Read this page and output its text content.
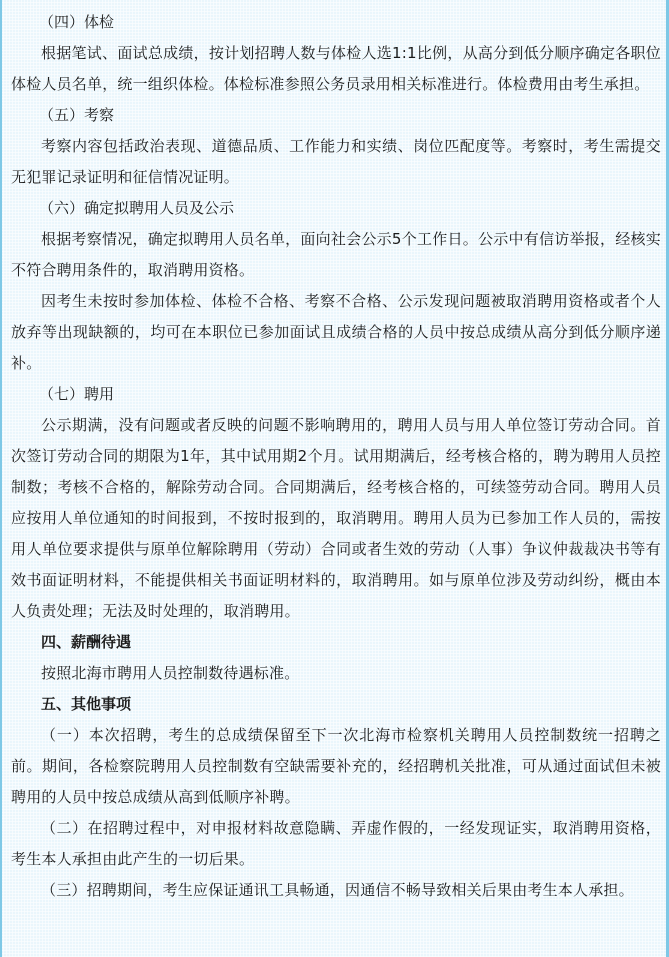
（四）体检

根据笔试、面试总成绩，按计划招聘人数与体检人选1:1比例，从高分到低分顺序确定各职位体检人员名单，统一组织体检。体检标准参照公务员录用相关标准进行。体检费用由考生承担。

（五）考察

考察内容包括政治表现、道德品质、工作能力和实绩、岗位匹配度等。考察时，考生需提交无犯罪记录证明和征信情况证明。

（六）确定拟聘用人员及公示

根据考察情况，确定拟聘用人员名单，面向社会公示5个工作日。公示中有信访举报，经核实不符合聘用条件的，取消聘用资格。

因考生未按时参加体检、体检不合格、考察不合格、公示发现问题被取消聘用资格或者个人放弃等出现缺额的，均可在本职位已参加面试且成绩合格的人员中按总成绩从高分到低分顺序递补。

（七）聘用

公示期满，没有问题或者反映的问题不影响聘用的，聘用人员与用人单位签订劳动合同。首次签订劳动合同的期限为1年，其中试用期2个月。试用期满后，经考核合格的，聘为聘用人员控制数；考核不合格的，解除劳动合同。合同期满后，经考核合格的，可续签劳动合同。聘用人员应按用人单位通知的时间报到，不按时报到的，取消聘用。聘用人员为已参加工作人员的，需按用人单位要求提供与原单位解除聘用（劳动）合同或者生效的劳动（人事）争议仲裁裁决书等有效书面证明材料，不能提供相关书面证明材料的，取消聘用。如与原单位涉及劳动纠纷，概由本人负责处理；无法及时处理的，取消聘用。

四、薪酬待遇

按照北海市聘用人员控制数待遇标准。

五、其他事项

（一）本次招聘，考生的总成绩保留至下一次北海市检察机关聘用人员控制数统一招聘之前。期间，各检察院聘用人员控制数有空缺需要补充的，经招聘机关批准，可从通过面试但未被聘用的人员中按总成绩从高到低顺序补聘。

（二）在招聘过程中，对申报材料故意隐瞒、弄虚作假的，一经发现证实，取消聘用资格，考生本人承担由此产生的一切后果。

（三）招聘期间，考生应保证通讯工具畅通，因通信不畅导致相关后果由考生本人承担。
